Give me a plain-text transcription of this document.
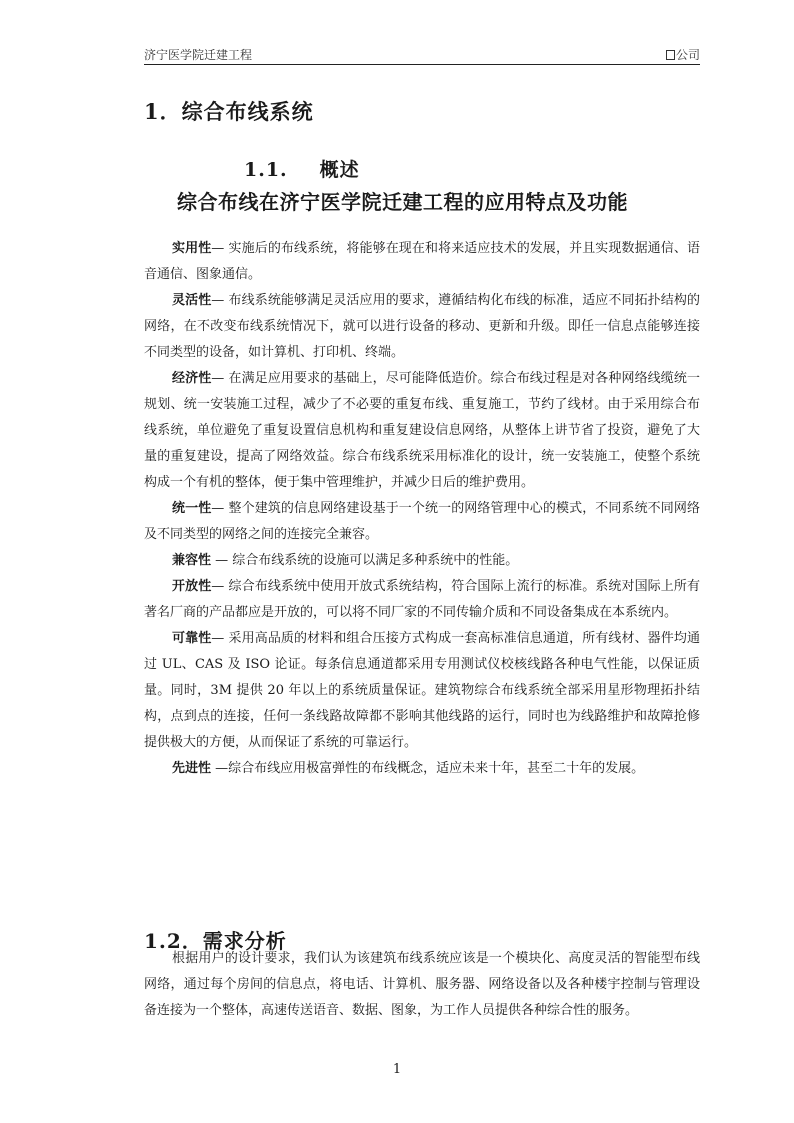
济宁医学院迁建工程	公司
1．综合布线系统
1.1. 概述
综合布线在济宁医学院迁建工程的应用特点及功能

实用性— 实施后的布线系统，将能够在现在和将来适应技术的发展，并且实现数据通信、语音通信、图象通信。

灵活性— 布线系统能够满足灵活应用的要求，遵循结构化布线的标准，适应不同拓扑结构的网络，在不改变布线系统情况下，就可以进行设备的移动、更新和升级。即任一信息点能够连接不同类型的设备，如计算机、打印机、终端。

经济性— 在满足应用要求的基础上，尽可能降低造价。综合布线过程是对各种网络线缆统一规划、统一安装施工过程，减少了不必要的重复布线、重复施工，节约了线材。由于采用综合布线系统，单位避免了重复设置信息机构和重复建设信息网络，从整体上讲节省了投资，避免了大量的重复建设，提高了网络效益。综合布线系统采用标准化的设计，统一安装施工，使整个系统构成一个有机的整体，便于集中管理维护，并减少日后的维护费用。

统一性— 整个建筑的信息网络建设基于一个统一的网络管理中心的模式，不同系统不同网络及不同类型的网络之间的连接完全兼容。

兼容性 — 综合布线系统的设施可以满足多种系统中的性能。

开放性— 综合布线系统中使用开放式系统结构，符合国际上流行的标准。系统对国际上所有著名厂商的产品都应是开放的，可以将不同厂家的不同传输介质和不同设备集成在本系统内。

可靠性— 采用高品质的材料和组合压接方式构成一套高标准信息通道，所有线材、器件均通过 UL、CAS 及 ISO 论证。每条信息通道都采用专用测试仪校核线路各种电气性能，以保证质量。同时，3M 提供 20 年以上的系统质量保证。建筑物综合布线系统全部采用星形物理拓扑结构，点到点的连接，任何一条线路故障都不影响其他线路的运行，同时也为线路维护和故障抢修提供极大的方便，从而保证了系统的可靠运行。

先进性 —综合布线应用极富弹性的布线概念，适应未来十年，甚至二十年的发展。

1.2．需求分析

根据用户的设计要求，我们认为该建筑布线系统应该是一个模块化、高度灵活的智能型布线网络，通过每个房间的信息点，将电话、计算机、服务器、网络设备以及各种楼宇控制与管理设备连接为一个整体，高速传送语音、数据、图象，为工作人员提供各种综合性的服务。

1
